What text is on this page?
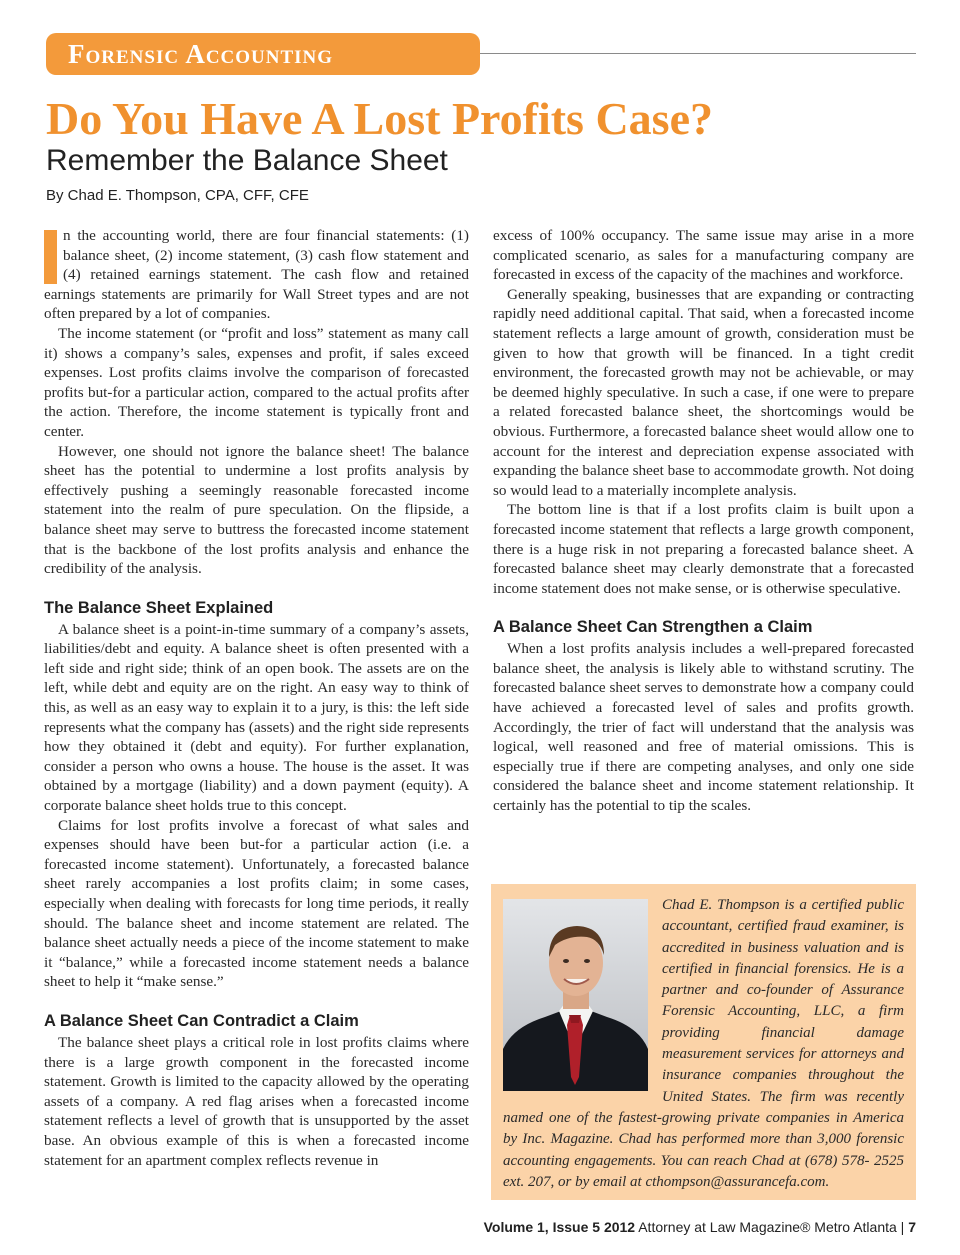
Forensic Accounting
Do You Have A Lost Profits Case?
Remember the Balance Sheet
By Chad E. Thompson, CPA, CFF, CFE

n the accounting world, there are four financial statements: (1) balance sheet, (2) income statement, (3) cash flow statement and (4) retained earnings statement. The cash flow and retained earnings statements are primarily for Wall Street types and are not often prepared by a lot of companies.

The income statement (or “profit and loss” statement as many call it) shows a company’s sales, expenses and profit, if sales exceed expenses. Lost profits claims involve the comparison of forecasted profits but-for a particular action, compared to the actual profits after the action. Therefore, the income statement is typically front and center.

However, one should not ignore the balance sheet! The balance sheet has the potential to undermine a lost profits analysis by effectively pushing a seemingly reasonable forecasted income statement into the realm of pure speculation. On the flipside, a balance sheet may serve to buttress the forecasted income statement that is the backbone of the lost profits analysis and enhance the credibility of the analysis.

The Balance Sheet Explained

A balance sheet is a point-in-time summary of a company’s assets, liabilities/debt and equity. A balance sheet is often presented with a left side and right side; think of an open book. The assets are on the left, while debt and equity are on the right. An easy way to think of this, as well as an easy way to explain it to a jury, is this: the left side represents what the company has (assets) and the right side represents how they obtained it (debt and equity). For further explanation, consider a person who owns a house. The house is the asset. It was obtained by a mortgage (liability) and a down payment (equity). A corporate balance sheet holds true to this concept.

Claims for lost profits involve a forecast of what sales and expenses should have been but-for a particular action (i.e. a forecasted income statement). Unfortunately, a forecasted balance sheet rarely accompanies a lost profits claim; in some cases, especially when dealing with forecasts for long time periods, it really should. The balance sheet and income statement are related. The balance sheet actually needs a piece of the income statement to make it “balance,” while a forecasted income statement needs a balance sheet to help it “make sense.”

A Balance Sheet Can Contradict a Claim

The balance sheet plays a critical role in lost profits claims where there is a large growth component in the forecasted income statement. Growth is limited to the capacity allowed by the operating assets of a company. A red flag arises when a forecasted income statement reflects a level of growth that is unsupported by the asset base. An obvious example of this is when a forecasted income statement for an apartment complex reflects revenue in

excess of 100% occupancy. The same issue may arise in a more complicated scenario, as sales for a manufacturing company are forecasted in excess of the capacity of the machines and workforce.

Generally speaking, businesses that are expanding or contracting rapidly need additional capital. That said, when a forecasted income statement reflects a large amount of growth, consideration must be given to how that growth will be financed. In a tight credit environment, the forecasted growth may not be achievable, or may be deemed highly speculative. In such a case, if one were to prepare a related forecasted balance sheet, the shortcomings would be obvious. Furthermore, a forecasted balance sheet would allow one to account for the interest and depreciation expense associated with expanding the balance sheet base to accommodate growth. Not doing so would lead to a materially incomplete analysis.

The bottom line is that if a lost profits claim is built upon a forecasted income statement that reflects a large growth component, there is a huge risk in not preparing a forecasted balance sheet. A forecasted balance sheet may clearly demonstrate that a forecasted income statement does not make sense, or is otherwise speculative.

A Balance Sheet Can Strengthen a Claim

When a lost profits analysis includes a well-prepared forecasted balance sheet, the analysis is likely able to withstand scrutiny. The forecasted balance sheet serves to demonstrate how a company could have achieved a forecasted level of sales and profits growth. Accordingly, the trier of fact will understand that the analysis was logical, well reasoned and free of material omissions. This is especially true if there are competing analyses, and only one side considered the balance sheet and income statement relationship. It certainly has the potential to tip the scales.

Chad E. Thompson is a certified public accountant, certified fraud examiner, is accredited in business valuation and is certified in financial forensics. He is a partner and co-founder of Assurance Forensic Accounting, LLC, a firm providing financial damage measurement services for attorneys and insurance companies throughout the United States. The firm was recently named one of the fastest-growing private companies in America by Inc. Magazine. Chad has performed more than 3,000 forensic accounting engagements. You can reach Chad at (678) 578- 2525 ext. 207, or by email at cthompson@assurancefa.com.
Volume 1, Issue 5 2012 Attorney at Law Magazine® Metro Atlanta | 7
